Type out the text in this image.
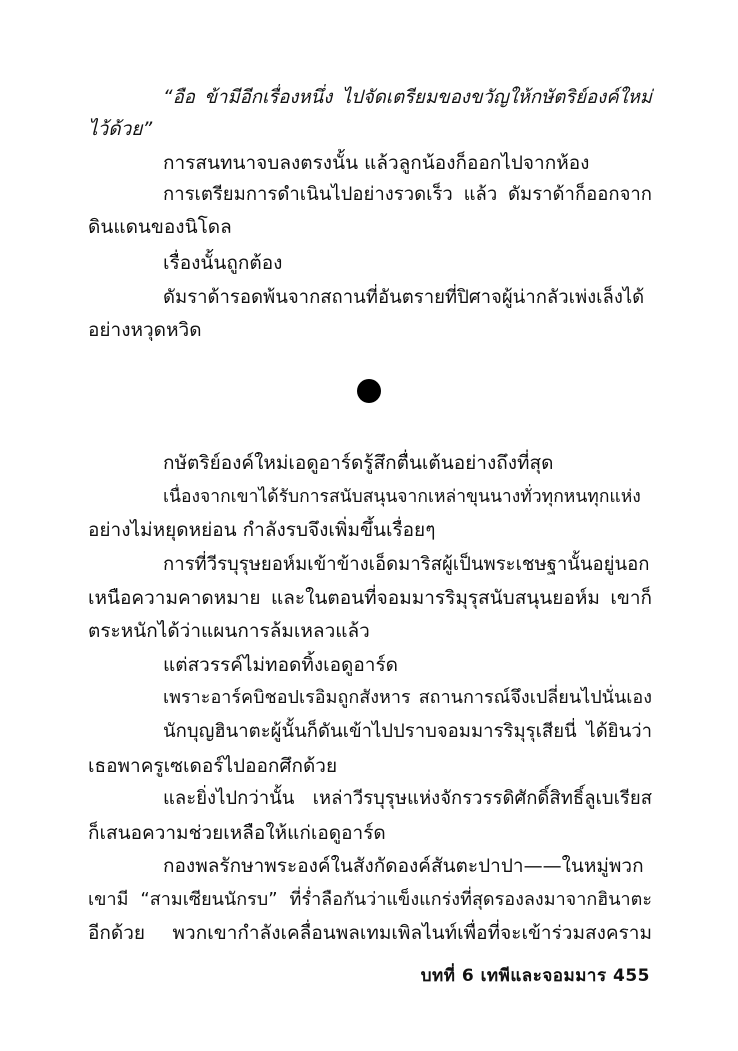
“อือ ข้ามีอีกเรื่องหนึ่ง ไปจัดเตรียมของขวัญให้กษัตริย์องค์ใหม่
ไว้ด้วย”
การสนทนาจบลงตรงนั้น แล้วลูกน้องก็ออกไปจากห้อง
การเตรียมการดำเนินไปอย่างรวดเร็ว แล้ว ดัมราด้าก็ออกจาก
ดินแดนของนิโดล
เรื่องนั้นถูกต้อง
ดัมราด้ารอดพ้นจากสถานที่อันตรายที่ปิศาจผู้น่ากลัวเพ่งเล็งได้
อย่างหวุดหวิด
กษัตริย์องค์ใหม่เอดูอาร์ดรู้สึกตื่นเต้นอย่างถึงที่สุด
เนื่องจากเขาได้รับการสนับสนุนจากเหล่าขุนนางทั่วทุกหนทุกแห่ง
อย่างไม่หยุดหย่อน กำลังรบจึงเพิ่มขึ้นเรื่อยๆ
การที่วีรบุรุษยอห์มเข้าข้างเอ็ดมาริสผู้เป็นพระเชษฐานั้นอยู่นอก
เหนือความคาดหมาย และในตอนที่จอมมารริมุรุสนับสนุนยอห์ม เขาก็
ตระหนักได้ว่าแผนการล้มเหลวแล้ว
แต่สวรรค์ไม่ทอดทิ้งเอดูอาร์ด
เพราะอาร์คบิชอปเรอิมถูกสังหาร สถานการณ์จึงเปลี่ยนไปนั่นเอง
นักบุญฮินาตะผู้นั้นก็ดันเข้าไปปราบจอมมารริมุรุเสียนี่ ได้ยินว่า
เธอพาครูเซเดอร์ไปออกศึกด้วย
และยิ่งไปกว่านั้น เหล่าวีรบุรุษแห่งจักรวรรดิศักดิ์สิทธิ์ลูเบเรียส
ก็เสนอความช่วยเหลือให้แก่เอดูอาร์ด
กองพลรักษาพระองค์ในสังกัดองค์สันตะปาปา——ในหมู่พวก
เขามี “สามเซียนนักรบ” ที่ร่ำลือกันว่าแข็งแกร่งที่สุดรองลงมาจากฮินาตะ
อีกด้วย พวกเขากำลังเคลื่อนพลเทมเพิลไนท์เพื่อที่จะเข้าร่วมสงคราม
บทที่ 6 เทพีและจอมมาร 455
